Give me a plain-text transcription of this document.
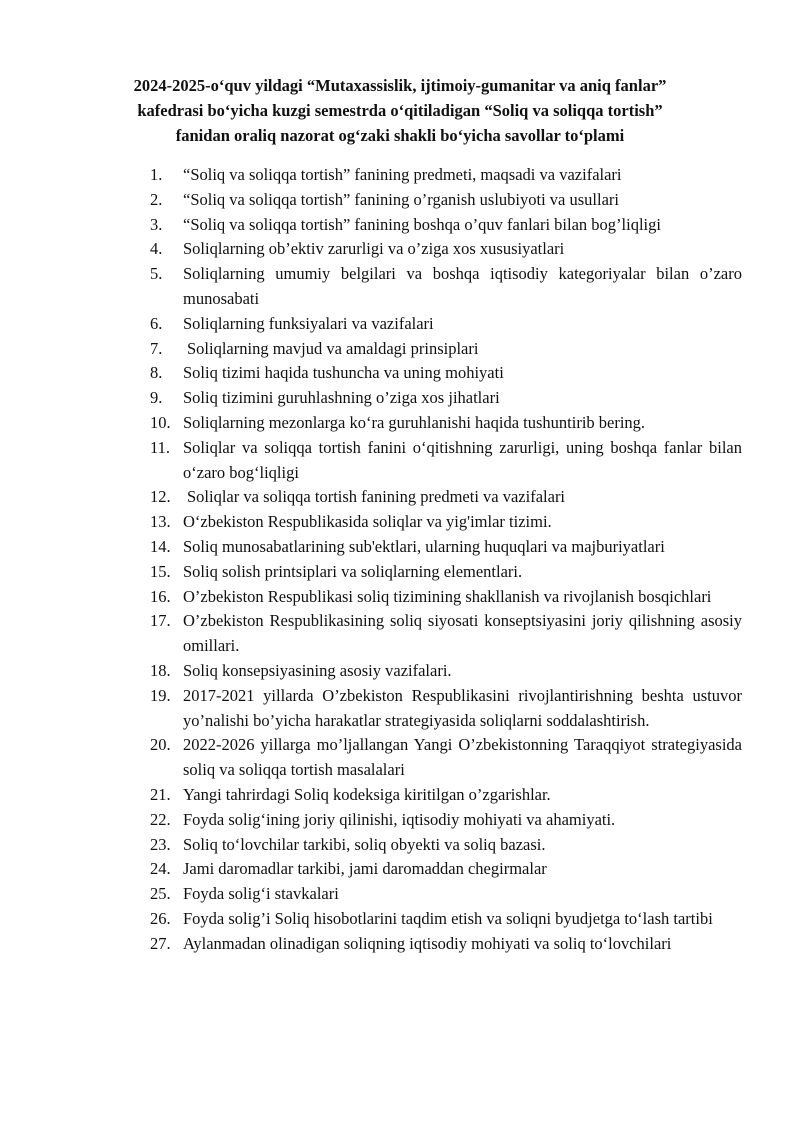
2024-2025-o‘quv yildagi “Mutaxassislik, ijtimoiy-gumanitar va aniq fanlar”
kafedrasi bo‘yicha kuzgi semestrda o‘qitiladigan “Soliq va soliqqa tortish”
fanidan oraliq nazorat og‘zaki shakli bo‘yicha savollar to‘plami
1.	“Soliq va soliqqa tortish” fanining predmeti, maqsadi va vazifalari
2.	“Soliq va soliqqa tortish” fanining o’rganish uslubiyoti va usullari
3.	“Soliq va soliqqa tortish” fanining boshqa o’quv fanlari bilan bog’liqligi
4.	Soliqlarning ob’ektiv zarurligi va o’ziga xos xususiyatlari
5.	Soliqlarning umumiy belgilari va boshqa iqtisodiy kategoriyalar bilan o’zaro munosabati
6.	Soliqlarning funksiyalari va vazifalari
7.	Soliqlarning mavjud va amaldagi prinsiplari
8.	Soliq tizimi haqida tushuncha va uning mohiyati
9.	Soliq tizimini guruhlashning o’ziga xos jihatlari
10. Soliqlarning mezonlarga ko‘ra guruhlanishi haqida tushuntirib bering.
11. Soliqlar va soliqqa tortish fanini o‘qitishning zarurligi, uning boshqa fanlar bilan o‘zaro bog‘liqligi
12. Soliqlar va soliqqa tortish fanining predmeti va vazifalari
13. O‘zbekiston Respublikasida soliqlar va yig'imlar tizimi.
14. Soliq munosabatlarining sub'ektlari, ularning huquqlari va majburiyatlari
15. Soliq solish printsiplari va soliqlarning elementlari.
16. O’zbekiston Respublikasi soliq tizimining shakllanish va rivojlanish bosqichlari
17. O’zbekiston Respublikasining soliq siyosati konseptsiyasini joriy qilishning asosiy omillari.
18. Soliq konsepsiyasining asosiy vazifalari.
19. 2017-2021 yillarda O’zbekiston Respublikasini rivojlantirishning beshta ustuvor yo’nalishi bo’yicha harakatlar strategiyasida soliqlarni soddalashtirish.
20. 2022-2026 yillarga mo’ljallangan Yangi O’zbekistonning Taraqqiyot strategiyasida soliq va soliqqa tortish masalalari
21. Yangi tahrirdagi Soliq kodeksiga kiritilgan o’zgarishlar.
22. Foyda solig‘ining joriy qilinishi, iqtisodiy mohiyati va ahamiyati.
23. Soliq to‘lovchilar tarkibi, soliq obyekti va soliq bazasi.
24. Jami daromadlar tarkibi, jami daromaddan chegirmalar
25. Foyda solig‘i stavkalari
26. Foyda solig’i Soliq hisobotlarini taqdim etish va soliqni byudjetga to‘lash tartibi
27. Aylanmadan olinadigan soliqning iqtisodiy mohiyati va soliq to‘lovchilari
